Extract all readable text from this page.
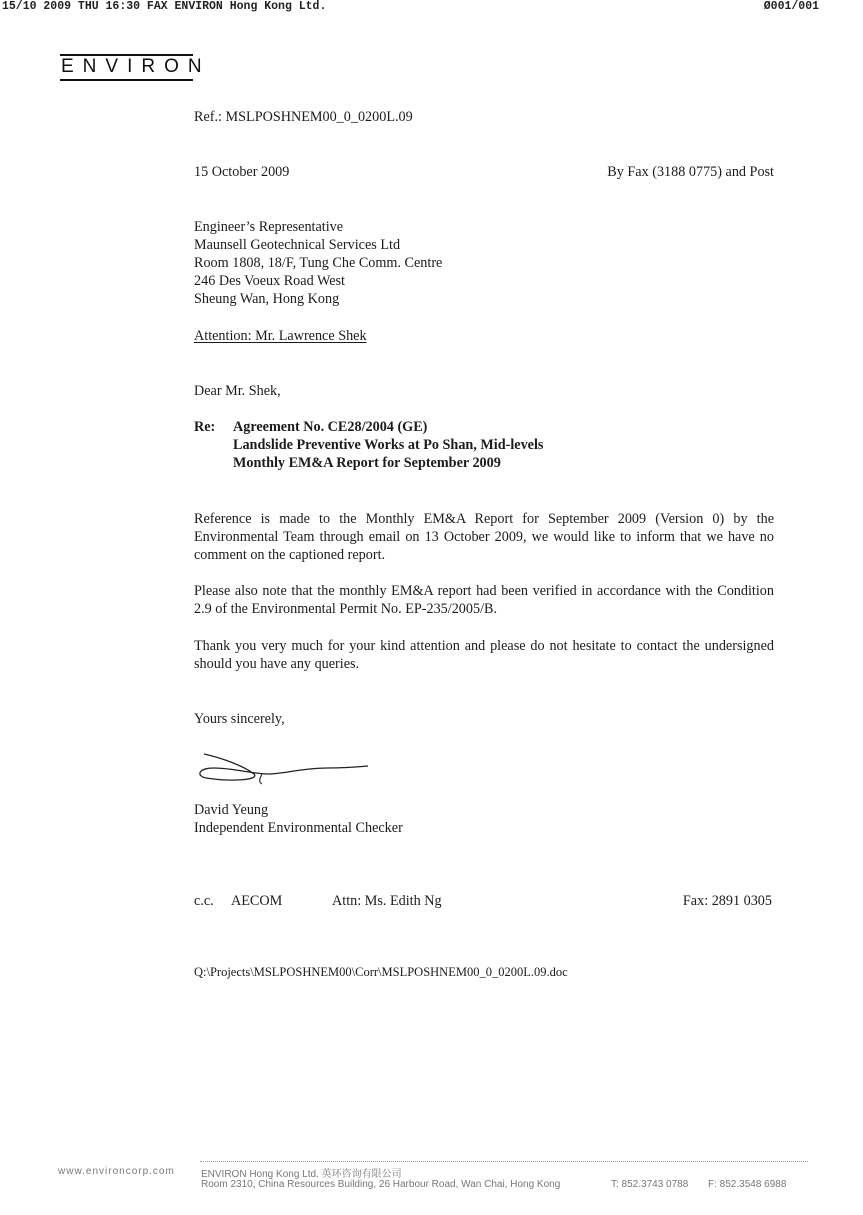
15/10 2009 THU 16:30 FAX ENVIRON Hong Kong Ltd.	Ø001/001
ENVIRON
Ref.: MSLPOSHNEM00_0_0200L.09
15 October 2009	By Fax (3188 0775) and Post
Engineer’s Representative
Maunsell Geotechnical Services Ltd
Room 1808, 18/F, Tung Che Comm. Centre
246 Des Voeux Road West
Sheung Wan, Hong Kong
Attention: Mr. Lawrence Shek
Dear Mr. Shek,
Re: Agreement No. CE28/2004 (GE)
Landslide Preventive Works at Po Shan, Mid-levels
Monthly EM&A Report for September 2009
Reference is made to the Monthly EM&A Report for September 2009 (Version 0) by the Environmental Team through email on 13 October 2009, we would like to inform that we have no comment on the captioned report.
Please also note that the monthly EM&A report had been verified in accordance with the Condition 2.9 of the Environmental Permit No. EP-235/2005/B.
Thank you very much for your kind attention and please do not hesitate to contact the undersigned should you have any queries.
Yours sincerely,
David Yeung
Independent Environmental Checker
c.c. AECOM	Attn: Ms. Edith Ng	Fax: 2891 0305
Q:\Projects\MSLPOSHNEM00\Corr\MSLPOSHNEM00_0_0200L.09.doc
www.environcorp.com	ENVIRON Hong Kong Ltd. 英环咨询有限公司
Room 2310, China Resources Building, 26 Harbour Road, Wan Chai, Hong Kong	T: 852.3743 0788 F: 852.3548 6988
